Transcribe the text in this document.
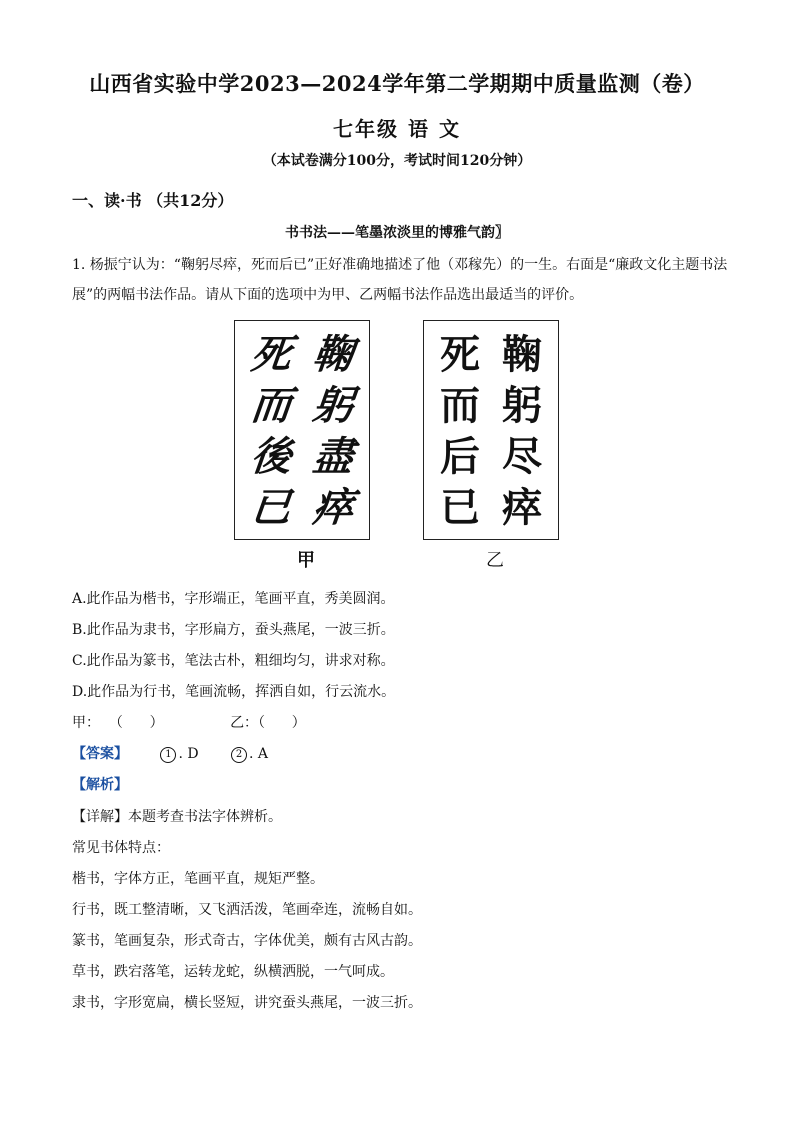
山西省实验中学2023—2024学年第二学期期中质量监测（卷）
七年级 语 文
（本试卷满分100分，考试时间120分钟）
一、读·书 （共12分）
书书法——笔墨浓淡里的博雅气韵〗
1. 杨振宁认为：“鞠躬尽瘁，死而后已”正好准确地描述了他（邓稼先）的一生。右面是“廉政文化主题书法展”的两幅书法作品。请从下面的选项中为甲、乙两幅书法作品选出最适当的评价。
鞠
躬
盡
瘁
死
而
後
已
甲
鞠
躬
尽
瘁
死
而
后
已
乙
A.此作品为楷书，字形端正，笔画平直，秀美圆润。
B.此作品为隶书，字形扁方，蚕头燕尾，一波三折。
C.此作品为篆书，笔法古朴，粗细均匀，讲求对称。
D.此作品为行书，笔画流畅，挥洒自如，行云流水。
甲：  （      ）	乙：（      ）
【答案】	1 . D	2 . A
【解析】
【详解】本题考查书法字体辨析。
常见书体特点：
楷书，字体方正，笔画平直，规矩严整。
行书，既工整清晰，又飞洒活泼，笔画牵连，流畅自如。
篆书，笔画复杂，形式奇古，字体优美，颇有古风古韵。
草书，跌宕落笔，运转龙蛇，纵横洒脱，一气呵成。
隶书，字形宽扁，横长竖短，讲究蚕头燕尾，一波三折。
